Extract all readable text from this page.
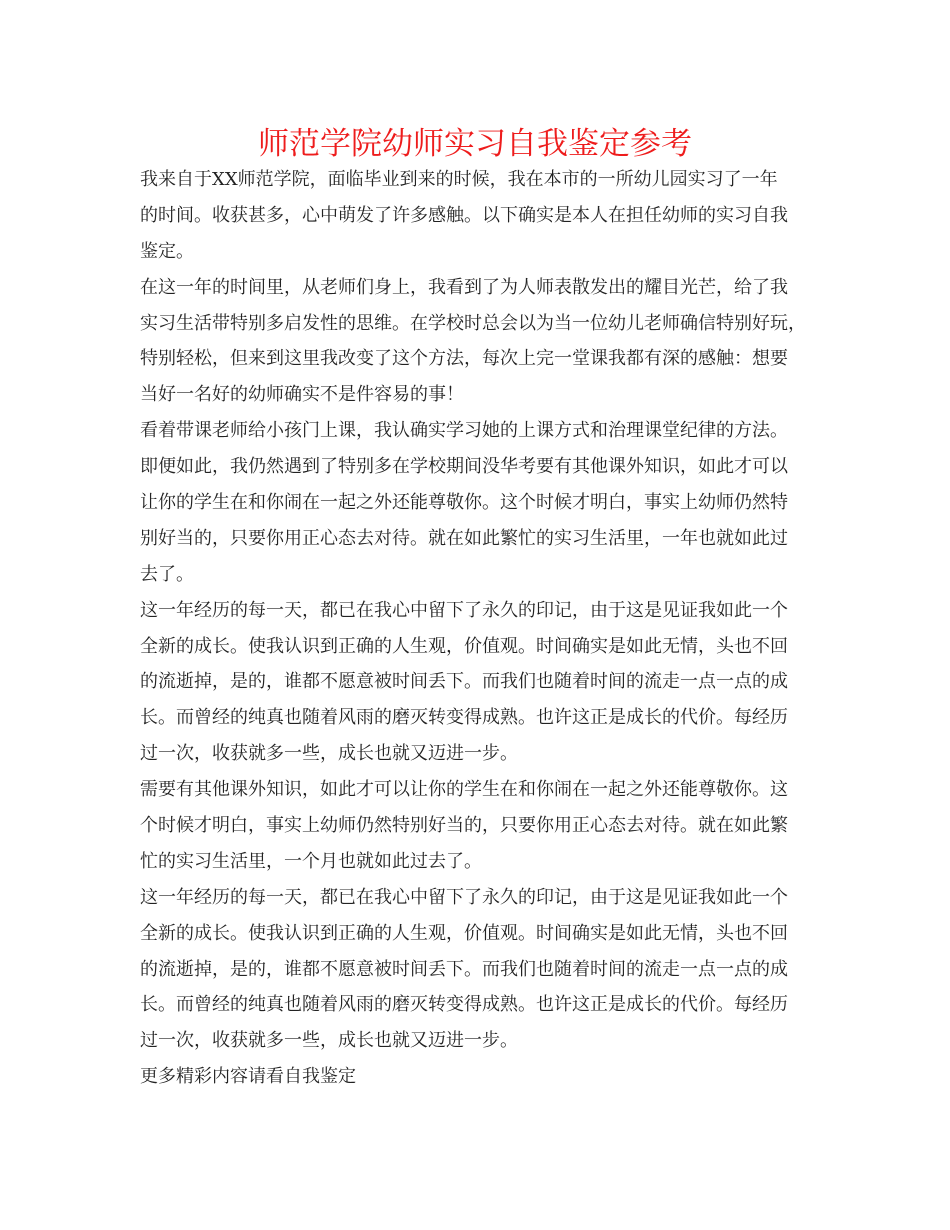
师范学院幼师实习自我鉴定参考

我来自于XX师范学院，面临毕业到来的时候，我在本市的一所幼儿园实习了一年
的时间。收获甚多，心中萌发了许多感触。以下确实是本人在担任幼师的实习自我
鉴定。

在这一年的时间里，从老师们身上，我看到了为人师表散发出的耀目光芒，给了我
实习生活带特别多启发性的思维。在学校时总会以为当一位幼儿老师确信特别好玩，
特别轻松，但来到这里我改变了这个方法，每次上完一堂课我都有深的感触：想要
当好一名好的幼师确实不是件容易的事！

看着带课老师给小孩门上课，我认确实学习她的上课方式和治理课堂纪律的方法。
即便如此，我仍然遇到了特别多在学校期间没华考要有其他课外知识，如此才可以
让你的学生在和你闹在一起之外还能尊敬你。这个时候才明白，事实上幼师仍然特
别好当的，只要你用正心态去对待。就在如此繁忙的实习生活里，一年也就如此过
去了。

这一年经历的每一天，都已在我心中留下了永久的印记，由于这是见证我如此一个
全新的成长。使我认识到正确的人生观，价值观。时间确实是如此无情，头也不回
的流逝掉，是的，谁都不愿意被时间丢下。而我们也随着时间的流走一点一点的成
长。而曾经的纯真也随着风雨的磨灭转变得成熟。也许这正是成长的代价。每经历
过一次，收获就多一些，成长也就又迈进一步。

需要有其他课外知识，如此才可以让你的学生在和你闹在一起之外还能尊敬你。这
个时候才明白，事实上幼师仍然特别好当的，只要你用正心态去对待。就在如此繁
忙的实习生活里，一个月也就如此过去了。

这一年经历的每一天，都已在我心中留下了永久的印记，由于这是见证我如此一个
全新的成长。使我认识到正确的人生观，价值观。时间确实是如此无情，头也不回
的流逝掉，是的，谁都不愿意被时间丢下。而我们也随着时间的流走一点一点的成
长。而曾经的纯真也随着风雨的磨灭转变得成熟。也许这正是成长的代价。每经历
过一次，收获就多一些，成长也就又迈进一步。

更多精彩内容请看自我鉴定
